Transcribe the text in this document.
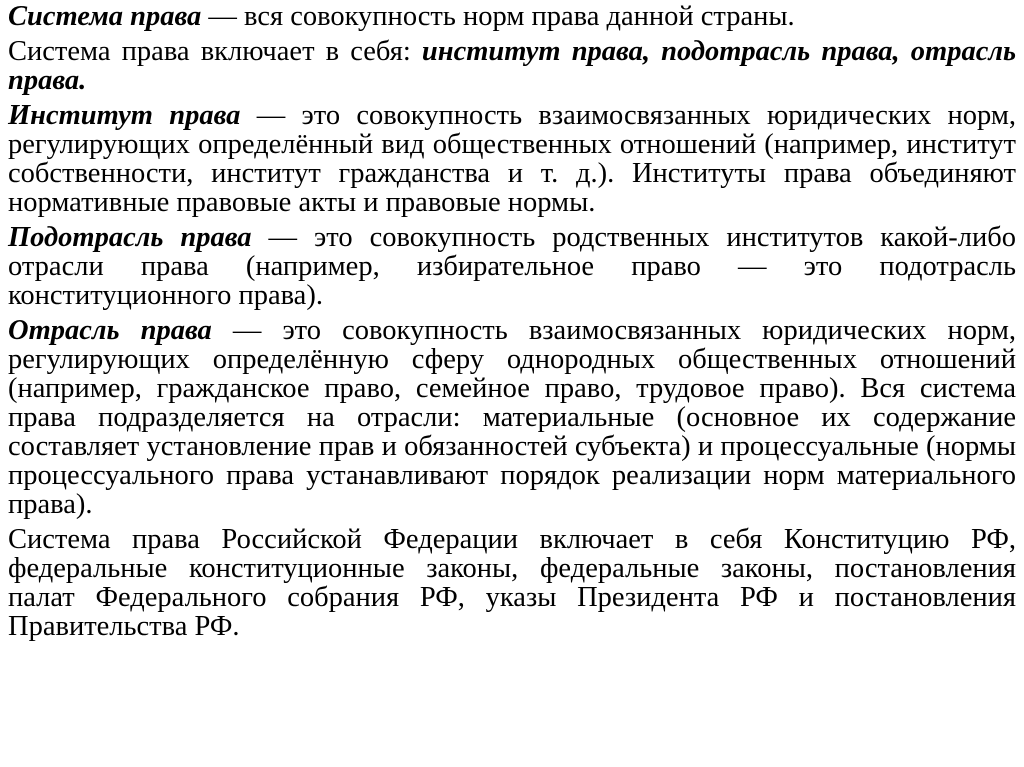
Система права — вся совокупность норм права данной страны.

Система права включает в себя: институт права, подотрасль права, отрасль права.

Институт права — это совокупность взаимосвязанных юридических норм, регулирующих определённый вид общественных отношений (например, институт собственности, институт гражданства и т. д.). Институты права объединяют нормативные правовые акты и правовые нормы.

Подотрасль права — это совокупность родственных институтов какой-либо отрасли права (например, избирательное право — это подотрасль конституционного права).

Отрасль права — это совокупность взаимосвязанных юридических норм, регулирующих определённую сферу однородных общественных отношений (например, гражданское право, семейное право, трудовое право). Вся система права подразделяется на отрасли: материальные (основное их содержание составляет установление прав и обязанностей субъекта) и процессуальные (нормы процессуального права устанавливают порядок реализации норм материального права).

Система права Российской Федерации включает в себя Конституцию РФ, федеральные конституционные законы, федеральные законы, постановления палат Федерального собрания РФ, указы Президента РФ и постановления Правительства РФ.
